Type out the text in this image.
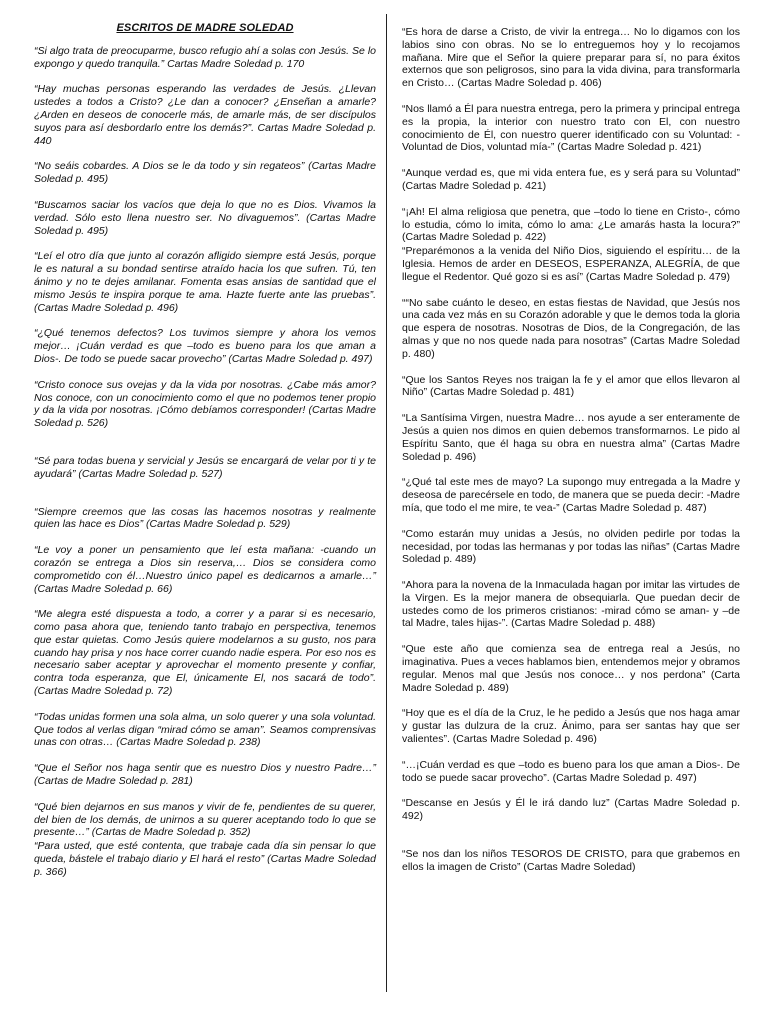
ESCRITOS DE MADRE SOLEDAD

“Si algo trata de preocuparme, busco refugio ahí a solas con Jesús. Se lo expongo y quedo tranquila.” Cartas Madre Soledad p. 170

“Hay muchas personas esperando las verdades de Jesús. ¿Llevan ustedes a todos a Cristo? ¿Le dan a conocer? ¿Enseñan a amarle? ¿Arden en deseos de conocerle más, de amarle más, de ser discípulos suyos para así desbordarlo entre los demás?”. Cartas Madre Soledad p. 440

“No seáis cobardes. A Dios se le da todo y sin regateos” (Cartas Madre Soledad p. 495)

“Buscamos saciar los vacíos que deja lo que no es Dios. Vivamos la verdad. Sólo esto llena nuestro ser. No divaguemos”. (Cartas Madre Soledad p. 495)

“Leí el otro día que junto al corazón afligido siempre está Jesús, porque le es natural a su bondad sentirse atraído hacia los que sufren. Tú, ten ánimo y no te dejes amilanar. Fomenta esas ansias de santidad que el mismo Jesús te inspira porque te ama. Hazte fuerte ante las pruebas”. (Cartas Madre Soledad p. 496)

“¿Qué tenemos defectos? Los tuvimos siempre y ahora los vemos mejor… ¡Cuán verdad es que –todo es bueno para los que aman a Dios-. De todo se puede sacar provecho” (Cartas Madre Soledad p. 497)

“Cristo conoce sus ovejas y da la vida por nosotras. ¿Cabe más amor? Nos conoce, con un conocimiento como el que no podemos tener propio y da la vida por nosotras. ¡Cómo debíamos corresponder! (Cartas Madre Soledad p. 526)

“Sé para todas buena y servicial y Jesús se encargará de velar por ti y te ayudará” (Cartas Madre Soledad p. 527)

“Siempre creemos que las cosas las hacemos nosotras y realmente quien las hace es Dios” (Cartas Madre Soledad p. 529)

“Le voy a poner un pensamiento que leí esta mañana: -cuando un corazón se entrega a Dios sin reserva,… Dios se considera como comprometido con él…Nuestro único papel es dedicarnos a amarle…” (Cartas Madre Soledad p. 66)

“Me alegra esté dispuesta a todo, a correr y a parar si es necesario, como pasa ahora que, teniendo tanto trabajo en perspectiva, tenemos que estar quietas. Como Jesús quiere modelarnos a su gusto, nos para cuando hay prisa y nos hace correr cuando nadie espera. Por eso nos es necesario saber aceptar y aprovechar el momento presente y confiar, contra toda esperanza, que El, únicamente El, nos sacará de todo”. (Cartas Madre Soledad p. 72)

“Todas unidas formen una sola alma, un solo querer y una sola voluntad. Que todos al verlas digan “mirad cómo se aman”. Seamos comprensivas unas con otras… (Cartas Madre Soledad p. 238)

“Que el Señor nos haga sentir que es nuestro Dios y nuestro Padre…” (Cartas de Madre Soledad p. 281)

“Qué bien dejarnos en sus manos y vivir de fe, pendientes de su querer, del bien de los demás, de unirnos a su querer aceptando todo lo que se presente…” (Cartas de Madre Soledad p. 352)

“Para usted, que esté contenta, que trabaje cada día sin pensar lo que queda, bástele el trabajo diario y El hará el resto” (Cartas Madre Soledad p. 366)

“Es hora de darse a Cristo, de vivir la entrega… No lo digamos con los labios sino con obras. No se lo entreguemos hoy y lo recojamos mañana. Mire que el Señor la quiere preparar para sí, no para éxitos externos que son peligrosos, sino para la vida divina, para transformarla en Cristo… (Cartas Madre Soledad p. 406)

“Nos llamó a Él para nuestra entrega, pero la primera y principal entrega es la propia, la interior con nuestro trato con El, con nuestro conocimiento de Él, con nuestro querer identificado con su Voluntad: -Voluntad de Dios, voluntad mía-” (Cartas Madre Soledad p. 421)

“Aunque verdad es, que mi vida entera fue, es y será para su Voluntad” (Cartas Madre Soledad p. 421)

“¡Ah! El alma religiosa que penetra, que –todo lo tiene en Cristo-, cómo lo estudia, cómo lo imita, cómo lo ama: ¿Le amarás hasta la locura?” (Cartas Madre Soledad p. 422)

“Preparémonos a la venida del Niño Dios, siguiendo el espíritu… de la Iglesia. Hemos de arder en DESEOS, ESPERANZA, ALEGRÍA, de que llegue el Redentor. Qué gozo si es así” (Cartas Madre Soledad p. 479)

““No sabe cuánto le deseo, en estas fiestas de Navidad, que Jesús nos una cada vez más en su Corazón adorable y que le demos toda la gloria que espera de nosotras. Nosotras de Dios, de la Congregación, de las almas y que no nos quede nada para nosotras” (Cartas Madre Soledad p. 480)

“Que los Santos Reyes nos traigan la fe y el amor que ellos llevaron al Niño” (Cartas Madre Soledad p. 481)

“La Santísima Virgen, nuestra Madre… nos ayude a ser enteramente de Jesús a quien nos dimos en quien debemos transformarnos. Le pido al Espíritu Santo, que él haga su obra en nuestra alma” (Cartas Madre Soledad p. 496)

“¿Qué tal este mes de mayo? La supongo muy entregada a la Madre y deseosa de parecérsele en todo, de manera que se pueda decir: -Madre mía, que todo el me mire, te vea-” (Cartas Madre Soledad p. 487)

“Como estarán muy unidas a Jesús, no olviden pedirle por todas la necesidad, por todas las hermanas y por todas las niñas” (Cartas Madre Soledad p. 489)

“Ahora para la novena de la Inmaculada hagan por imitar las virtudes de la Virgen. Es la mejor manera de obsequiarla. Que puedan decir de ustedes como de los primeros cristianos: -mirad cómo se aman- y –de tal Madre, tales hijas-”. (Cartas Madre Soledad p. 488)

“Que este año que comienza sea de entrega real a Jesús, no imaginativa. Pues a veces hablamos bien, entendemos mejor y obramos regular. Menos mal que Jesús nos conoce… y nos perdona” (Carta Madre Soledad p. 489)

“Hoy que es el día de la Cruz, le he pedido a Jesús que nos haga amar y gustar las dulzura de la cruz. Ánimo, para ser santas hay que ser valientes”. (Cartas Madre Soledad p. 496)

“…¡Cuán verdad es que –todo es bueno para los que aman a Dios-. De todo se puede sacar provecho”. (Cartas Madre Soledad p. 497)

“Descanse en Jesús y Él le irá dando luz” (Cartas Madre Soledad p. 492)

“Se nos dan los niños TESOROS DE CRISTO, para que grabemos en ellos la imagen de Cristo” (Cartas Madre Soledad)
